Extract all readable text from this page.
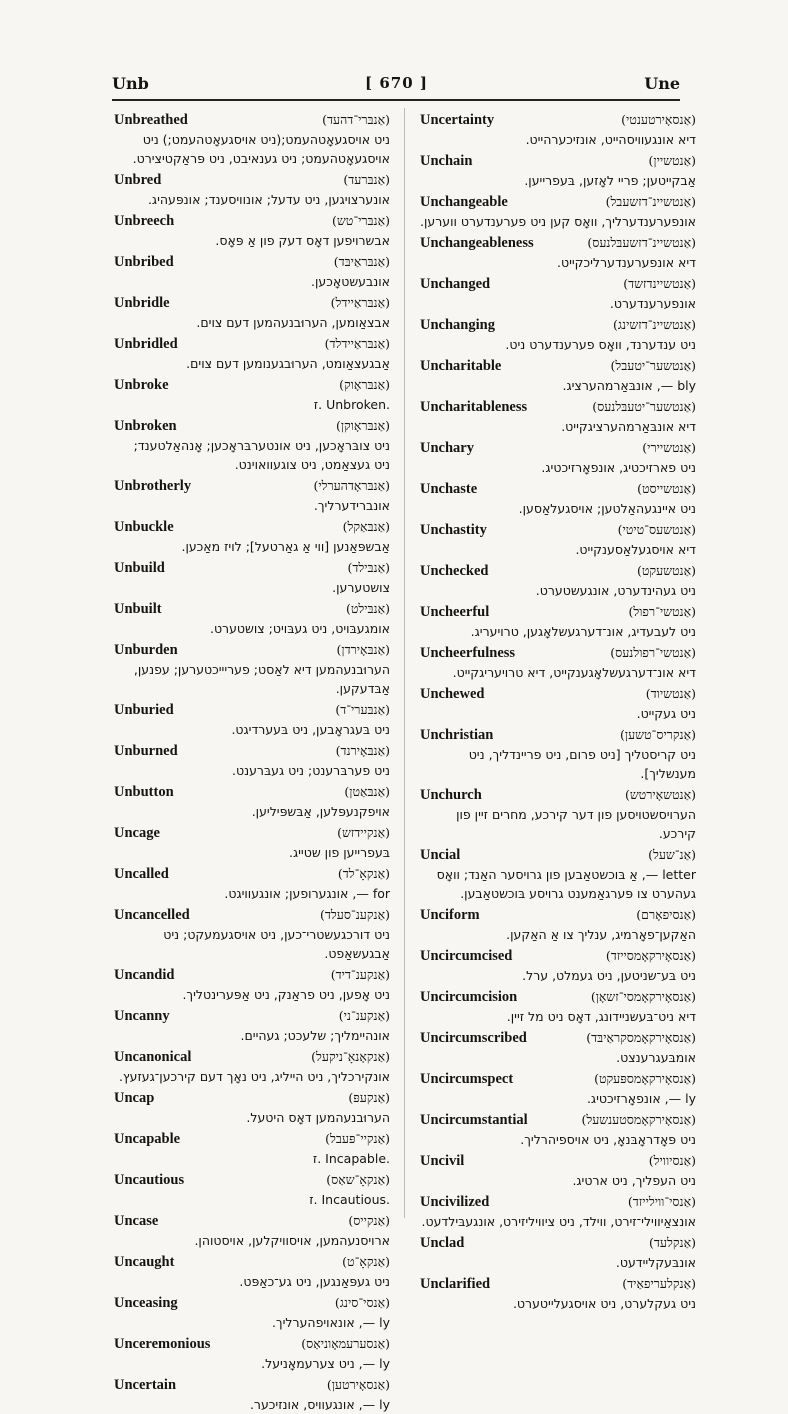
Unb	[ 670 ]	Une
Unbreathed	(אַנבּרי־דהעד)
ניט אויסגעאָטהעמט;(ניט אויסגעאָטהעמט;) ניט אויסגעאָטהעמט; ניט גענאיבט, ניט פּראַקטיצירט.
Unbred	(אַנבּרעד)
אונערצויגען, ניט עדעל; אונוויסענד; אונפּעהיג.
Unbreech	(אַנבּרי־טש)
אבשרויפען דאָס דעק פון אַ פּאָס.
Unbribed	(אַנבּראַיבּד)
אונבעשטאָכען.
Unbridle	(אַנבּראַיידל)
אבצאַומען, הערוּבנעהמען דעם צוים.
Unbridled	(אַנבּראַיידלד)
אַבגעצאַומט, הערוּבגענומען דעם צוים.
Unbroke	(אַנבּראָוק)
.Unbroken .ז
Unbroken	(אַנבּראָוקן)
ניט צובּראָכען, ניט אונטערבּראָכען; אָנהאַלטענד; ניט געצאַמט, ניט צוגעוואוינט.
Unbrotherly	(אַנבּראָדהערלי)
אונברידערליך.
Unbuckle	(אַנבּאַקל)
אַבשפּאַנען [ווי אַ גאַרטעל]; לויז מאַכען.
Unbuild	(אַנבּילד)
צושטערען.
Unbuilt	(אַנבּילט)
אומגעבּויט, ניט געבּויט; צושטערט.
Unburden	(אַנבּאָירדן)
הערוּבנעהמען דיא לאַסט; פעריייכטערען; עפנען, אַבּדעקען.
Unburied	(אַנבּערי־ד)
ניט בּעגראָבען, ניט בּעערדיגט.
Unburned	(אַנבּאָירנד)
ניט פערבּרענט; ניט געבּרענט.
Unbutton	(אַנבּאַטן)
אויפקנעפּלען, אַבּשפּיליען.
Uncage	(אַנקיידזש)
בּעפרייען פון שטייג.
Uncalled	(אַנקאָ־לד)
for —, אונגערופען; אונגעוויגט.
Uncancelled	(אַנקענ־סעלד)
ניט דורכגעשטרי־כען, ניט אויסגעמעקט; ניט אַבגעשאַפט.
Uncandid	(אַנקענ־דיד)
ניט אָפען, ניט פראַנק, ניט אַפּערינטליך.
Uncanny	(אַנקענ־ני)
אונהיימליך; שלעכט; געהיים.
Uncanonical	(אַנקאָנאָ־ניקעל)
אונקירכליך, ניט הייליג, ניט נאָך דעם קירכען־געזעץ.
Uncap	(אַנקעפּ)
הערוּבנעהמען דאָס היטעל.
Uncapable	(אַנקיי־פּעבל)
.Incapable .ז
Uncautious	(אַנקאָ־שאַס)
.Incautious .ז
Uncase	(אַנקייס)
ארויסנעהמען, אויסוויקלען, אויסטוהן.
Uncaught	(אַנקאָ־ט)
ניט געפּאַנגען, ניט גע־כאַפּט.
Unceasing	(אַנסי־סינג)
ly —, אונאויפהערליך.
Unceremonious	(אַנסערעמאָוניאַס)
ly —, ניט צערעמאָניעל.
Uncertain	(אַנסאָירטען)
ly —, אונגעוויס, אונזיכער.
Uncertainty	(אַנסאָירטענטי)
דיא אונגעוויסהייט, אונזיכערהייט.
Unchain	(אַנטשיין)
אַבקייטען; פריי לאָזען, בּעפרייען.
Unchangeable	(אַנטשיינ־דזשעבל)
אונפערענדערליך, וואָס קען ניט פערענדערט ווערען.
Unchangeableness	(אַנטשיינ־דזשעבּלנעס)
דיא אונפערענדערליכקייט.
Unchanged	(אַנטשיינדזשד)
אונפערענדערט.
Unchanging	(אַנטשיינ־דזשינג)
ניט ענדערנד, וואָס פערענדערט ניט.
Uncharitable	(אַנטשער־יטעבל)
bly —, אונבּאַרמהערציג.
Uncharitableness	(אַנטשער־יטעבּלנעס)
דיא אונבּאַרמהערציגקייט.
Unchary	(אַנטשיירי)
ניט פארזיכטיג, אונפאָרזיכטיג.
Unchaste	(אַנטשייסט)
ניט איינגעהאַלטען; אויסגעלאַסען.
Unchastity	(אַנטשעס־טיטי)
דיא אויסגעלאַסענקייט.
Unchecked	(אַנטשעקט)
ניט געהינדערט, אונגעשטערט.
Uncheerful	(אַנטשי־רפול)
ניט לעבעדיג, אונ־דערגעשלאָגען, טרויעריג.
Uncheerfulness	(אַנטשי־רפולנעס)
דיא אונ־דערגעשלאָגענקייט, דיא טרויעריגקייט.
Unchewed	(אַנטשיוד)
ניט געקייט.
Unchristian	(אַנקריס־טשען)
ניט קריסטליך [ניט פרום, ניט פריינדליך, ניט מענשליך].
Unchurch	(אַנטשאָירטש)
הערויסשטויסען פון דער קירכע, מחרים זיין פון קירכע.
Uncial	(אַנ־שעל)
letter —, אַ בּוכשטאַבען פון גרויסער האַנד; וואָס געהערט צו פּערגאַמענט גרויסע בּוכשטאַבען.
Unciform	(אַנסיפאָרם)
האַקען־פאָרמיג, ענליך צו אַ האַקען.
Uncircumcised	(אַנסאָירקאָמסייזד)
ניט בּע־שניטען, ניט געמלט, ערל.
Uncircumcision	(אַנסאָירקאָמסי־זשאָן)
דיא ניט־בּעשניידונג, דאָס ניט מל זיין.
Uncircumscribed	(אַנסאָירקאָמסקראַיבּד)
אומבּעגרענצט.
Uncircumspect	(אַנסאָירקאָמספּעקט)
ly —, אונפאָרזיכטיג.
Uncircumstantial	(אַנסאָירקאָמסטענשעל)
ניט פּאָדראָבּנאָ, ניט אויספיהרליך.
Uncivil	(אַנסיוויל)
ניט העפליך, ניט ארטיג.
Uncivilized	(אַנסי־ווילייזד)
אונצאַיווילי־זירט, ווילד, ניט ציוויליזירט, אונגעבּילדעט.
Unclad	(אַנקלעד)
אונבּעקליידעט.
Unclarified	(אַנקלעריפאַיד)
ניט געקלערט, ניט אויסגעלייטערט.
